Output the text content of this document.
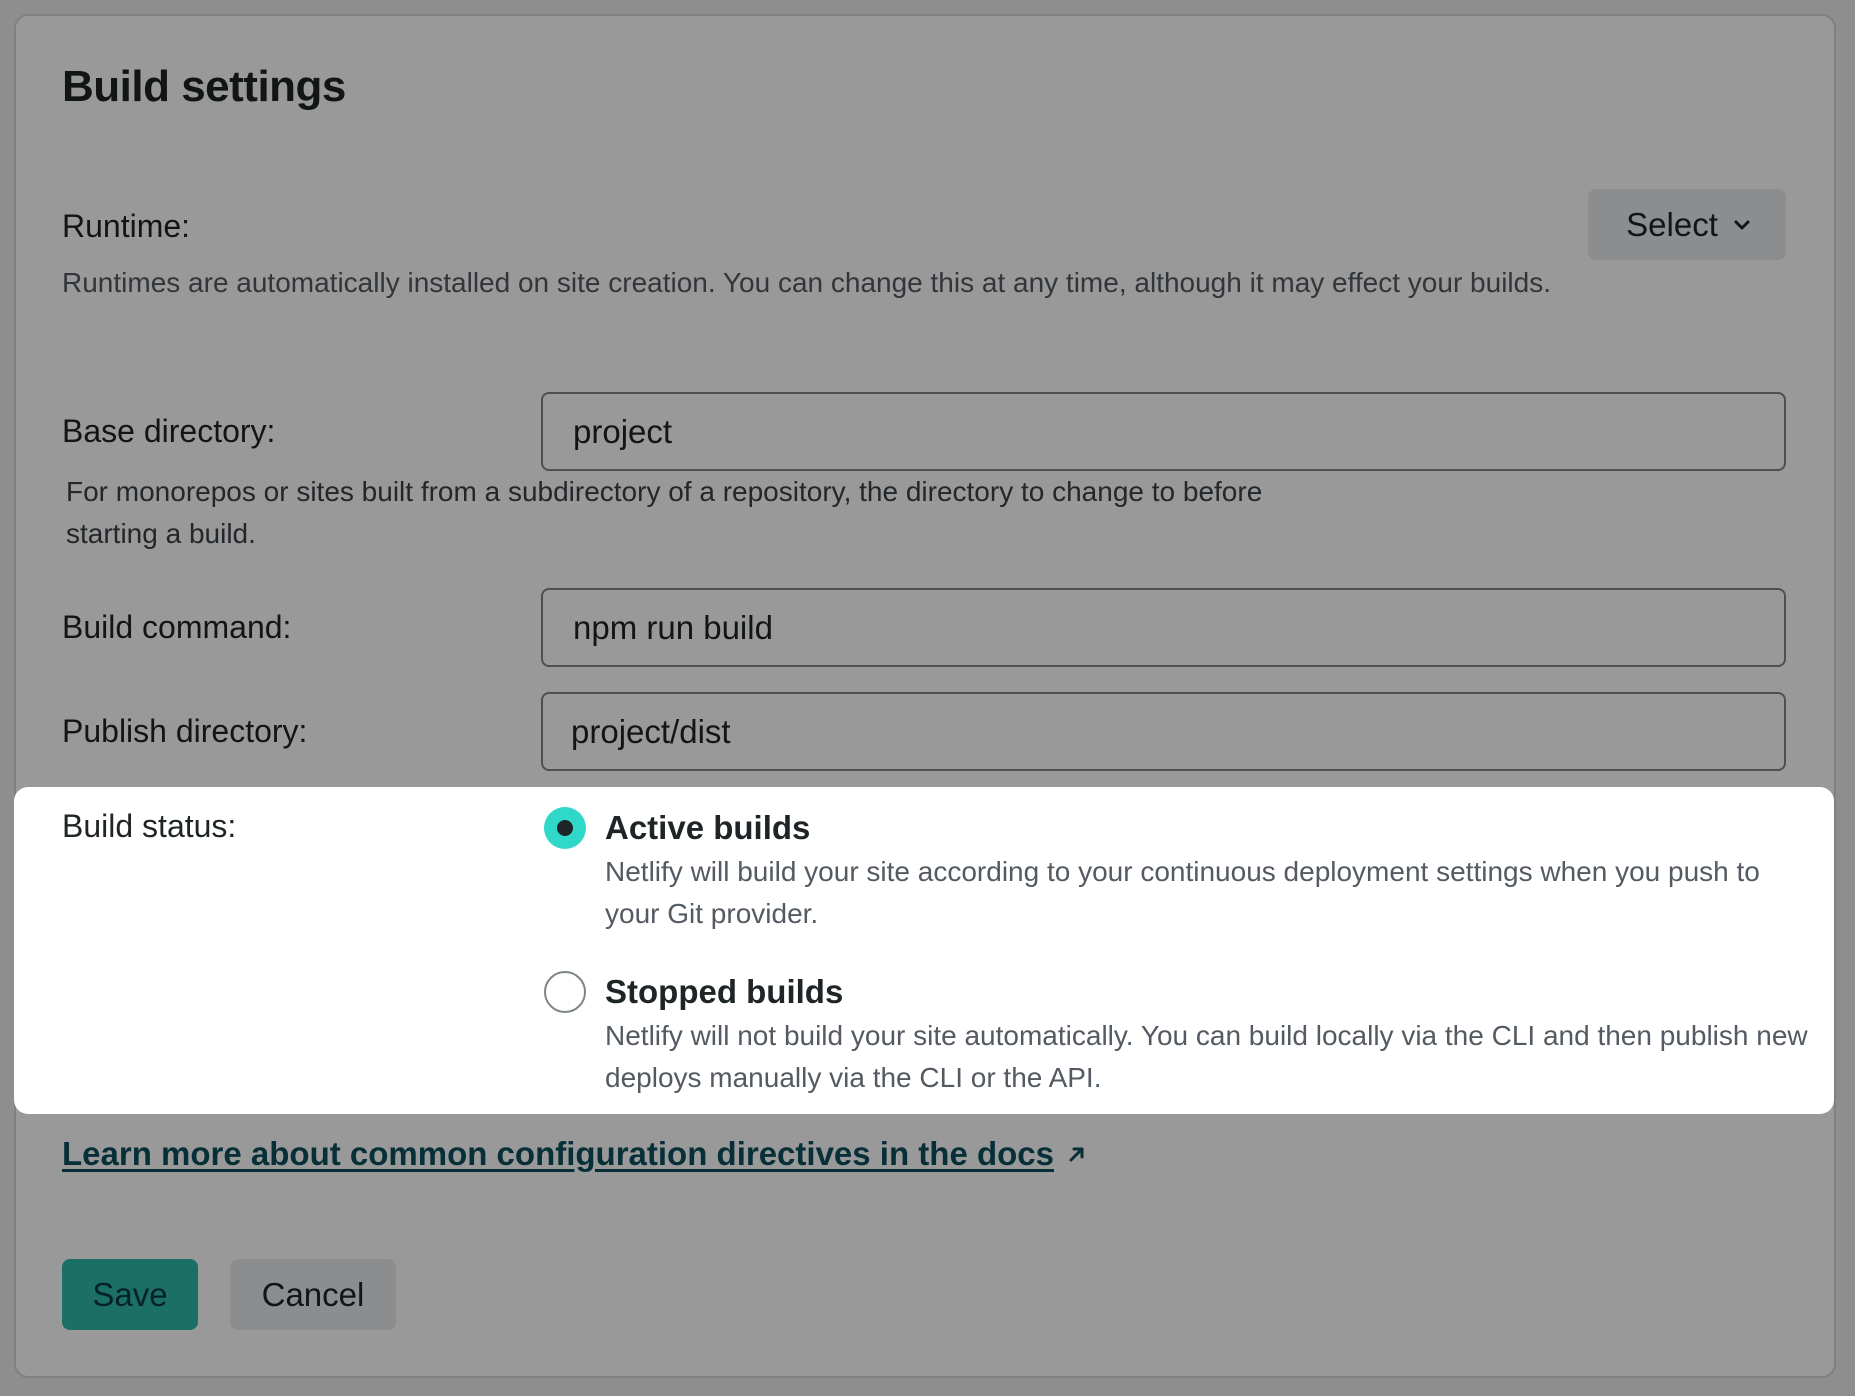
Build settings
Runtime:	Select
Runtimes are automatically installed on site creation. You can change this at any time, although it may effect your builds.
Base directory:
project
For monorepos or sites built from a subdirectory of a repository, the directory to change to before
starting a build.
Build command:
npm run build
Publish directory:
project/dist
Learn more about common configuration directives in the docs
Save	Cancel
Build status:	Active builds
Netlify will build your site according to your continuous deployment settings when you push to your Git provider.
Stopped builds
Netlify will not build your site automatically. You can build locally via the CLI and then publish new deploys manually via the CLI or the API.
